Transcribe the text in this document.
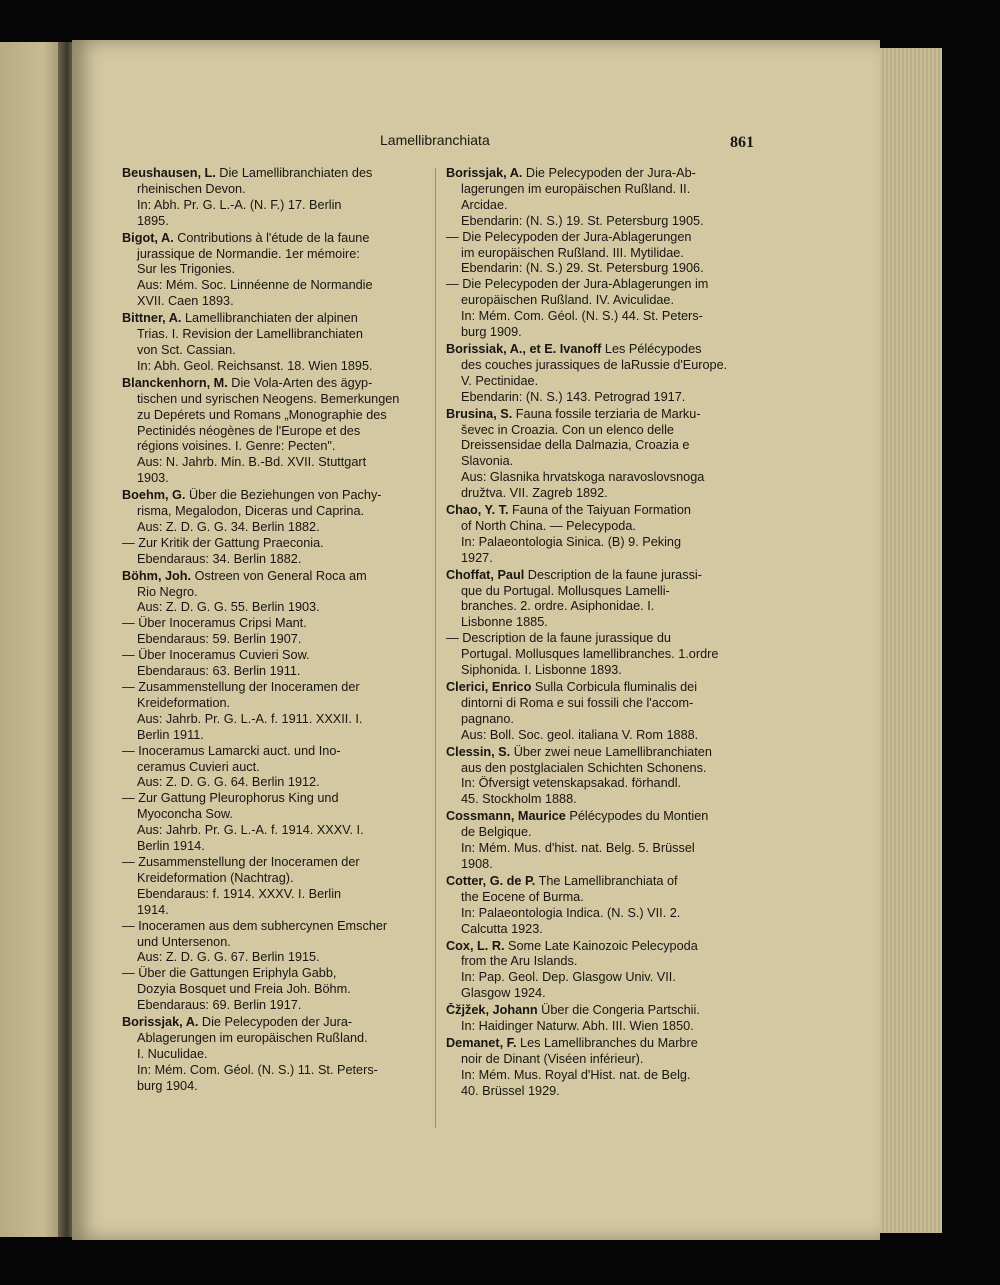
Lamellibranchiata	861
Beushausen, L. Die Lamellibranchiaten des
rheinischen Devon.
In: Abh. Pr. G. L.-A. (N. F.) 17. Berlin
1895.
Bigot, A. Contributions à l'étude de la faune
jurassique de Normandie. 1er mémoire:
Sur les Trigonies.
Aus: Mém. Soc. Linnéenne de Normandie
XVII. Caen 1893.
Bittner, A. Lamellibranchiaten der alpinen
Trias. I. Revision der Lamellibranchiaten
von Sct. Cassian.
In: Abh. Geol. Reichsanst. 18. Wien 1895.
Blanckenhorn, M. Die Vola-Arten des ägyp-
tischen und syrischen Neogens. Bemerkungen
zu Depérets und Romans „Monographie des
Pectinidés néogènes de l'Europe et des
régions voisines. I. Genre: Pecten".
Aus: N. Jahrb. Min. B.-Bd. XVII. Stuttgart
1903.
Boehm, G. Über die Beziehungen von Pachy-
risma, Megalodon, Diceras und Caprina.
Aus: Z. D. G. G. 34. Berlin 1882.
— Zur Kritik der Gattung Praeconia.
Ebendaraus: 34. Berlin 1882.
Böhm, Joh. Ostreen von General Roca am
Rio Negro.
Aus: Z. D. G. G. 55. Berlin 1903.
— Über Inoceramus Cripsi Mant.
Ebendaraus: 59. Berlin 1907.
— Über Inoceramus Cuvieri Sow.
Ebendaraus: 63. Berlin 1911.
— Zusammenstellung der Inoceramen der
Kreideformation.
Aus: Jahrb. Pr. G. L.-A. f. 1911. XXXII. I.
Berlin 1911.
— Inoceramus Lamarcki auct. und Ino-
ceramus Cuvieri auct.
Aus: Z. D. G. G. 64. Berlin 1912.
— Zur Gattung Pleurophorus King und
Myoconcha Sow.
Aus: Jahrb. Pr. G. L.-A. f. 1914. XXXV. I.
Berlin 1914.
— Zusammenstellung der Inoceramen der
Kreideformation (Nachtrag).
Ebendaraus: f. 1914. XXXV. I. Berlin
1914.
— Inoceramen aus dem subhercynen Emscher
und Untersenon.
Aus: Z. D. G. G. 67. Berlin 1915.
— Über die Gattungen Eriphyla Gabb,
Dozyia Bosquet und Freia Joh. Böhm.
Ebendaraus: 69. Berlin 1917.
Borissjak, A. Die Pelecypoden der Jura-
Ablagerungen im europäischen Rußland.
I. Nuculidae.
In: Mém. Com. Géol. (N. S.) 11. St. Peters-
burg 1904.
Borissjak, A. Die Pelecypoden der Jura-Ab-
lagerungen im europäischen Rußland. II.
Arcidae.
Ebendarin: (N. S.) 19. St. Petersburg 1905.
— Die Pelecypoden der Jura-Ablagerungen
im europäischen Rußland. III. Mytilidae.
Ebendarin: (N. S.) 29. St. Petersburg 1906.
— Die Pelecypoden der Jura-Ablagerungen im
europäischen Rußland. IV. Aviculidae.
In: Mém. Com. Géol. (N. S.) 44. St. Peters-
burg 1909.
Borissiak, A., et E. Ivanoff Les Pélécypodes
des couches jurassiques de laRussie d'Europe.
V. Pectinidae.
Ebendarin: (N. S.) 143. Petrograd 1917.
Brusina, S. Fauna fossile terziaria de Marku-
ševec in Croazia. Con un elenco delle
Dreissensidae della Dalmazia, Croazia e
Slavonia.
Aus: Glasnika hrvatskoga naravoslovsnoga
družtva. VII. Zagreb 1892.
Chao, Y. T. Fauna of the Taiyuan Formation
of North China. — Pelecypoda.
In: Palaeontologia Sinica. (B) 9. Peking
1927.
Choffat, Paul Description de la faune jurassi-
que du Portugal. Mollusques Lamelli-
branches. 2. ordre. Asiphonidae. I.
Lisbonne 1885.
— Description de la faune jurassique du
Portugal. Mollusques lamellibranches. 1.ordre
Siphonida. I. Lisbonne 1893.
Clerici, Enrico Sulla Corbicula fluminalis dei
dintorni di Roma e sui fossili che l'accom-
pagnano.
Aus: Boll. Soc. geol. italiana V. Rom 1888.
Clessin, S. Über zwei neue Lamellibranchiaten
aus den postglacialen Schichten Schonens.
In: Öfversigt vetenskapsakad. förhandl.
45. Stockholm 1888.
Cossmann, Maurice Pélécypodes du Montien
de Belgique.
In: Mém. Mus. d'hist. nat. Belg. 5. Brüssel
1908.
Cotter, G. de P. The Lamellibranchiata of
the Eocene of Burma.
In: Palaeontologia Indica. (N. S.) VII. 2.
Calcutta 1923.
Cox, L. R. Some Late Kainozoic Pelecypoda
from the Aru Islands.
In: Pap. Geol. Dep. Glasgow Univ. VII.
Glasgow 1924.
Čžjžek, Johann Über die Congeria Partschii.
In: Haidinger Naturw. Abh. III. Wien 1850.
Demanet, F. Les Lamellibranches du Marbre
noir de Dinant (Viséen inférieur).
In: Mém. Mus. Royal d'Hist. nat. de Belg.
40. Brüssel 1929.
